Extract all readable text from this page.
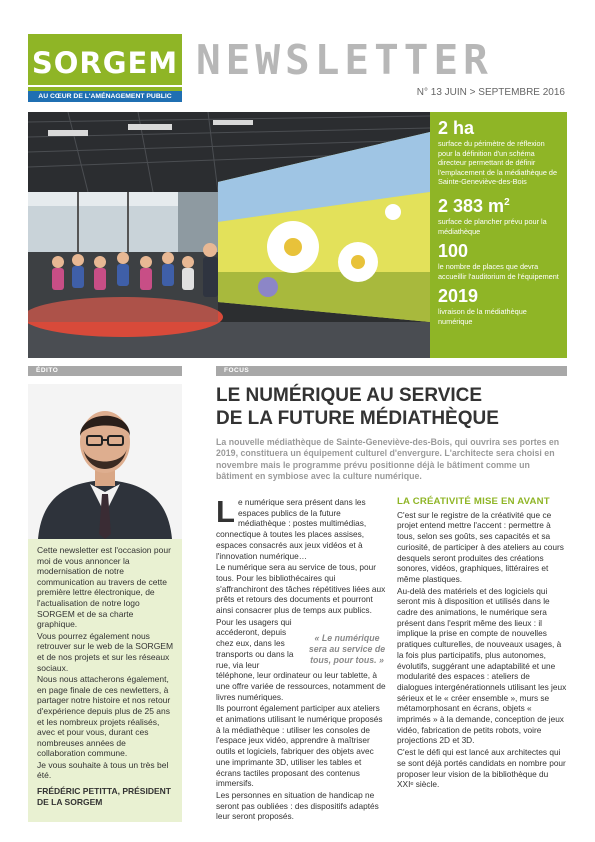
SORGEM
AU CŒUR DE L'AMÉNAGEMENT PUBLIC
NEWSLETTER
N° 13 JUIN > SEPTEMBRE 2016
2 ha
surface du périmètre de réflexion pour la définition d'un schéma directeur permettant de définir l'emplacement de la médiathèque de Sainte-Geneviève-des-Bois
2 383 $m^2$
surface de plancher prévu pour la médiathèque
100
le nombre de places que devra accueillir l'auditorium de l'équipement
2019
livraison de la médiathèque numérique
ÉDITO	FOCUS

Cette newsletter est l'occasion pour moi de vous annoncer la modernisation de notre communication au travers de cette première lettre électronique, de l'actualisation de notre logo SORGEM et de sa charte graphique.

Vous pourrez également nous retrouver sur le web de la SORGEM et de nos projets et sur les réseaux sociaux.

Nous nous attacherons également, en page finale de ces newletters, à partager notre histoire et nos retour d'expérience depuis plus de 25 ans et les nombreux projets réalisés, avec et pour vous, durant ces nombreuses années de collaboration commune.

Je vous souhaite à tous un très bel été.

FRÉDÉRIC PETITTA, PRÉSIDENT DE LA SORGEM

LE NUMÉRIQUE AU SERVICE
DE LA FUTURE MÉDIATHÈQUE
La nouvelle médiathèque de Sainte-Geneviève-des-Bois, qui ouvrira ses portes en 2019, constituera un équipement culturel d'envergure. L'architecte sera choisi en novembre mais le programme prévu positionne déjà le bâtiment comme un bâtiment en symbiose avec la culture numérique.

Le numérique sera présent dans les espaces publics de la future médiathèque : postes multimédias, connectique à toutes les places assises, espaces consacrés aux jeux vidéos et à l'innovation numérique…

Le numérique sera au service de tous, pour tous. Pour les bibliothécaires qui s'affranchiront des tâches répétitives liées aux prêts et retours des documents et pourront ainsi consacrer plus de temps aux publics.

« Le numérique sera au service de tous, pour tous. »

Pour les usagers qui accéderont, depuis chez eux, dans les transports ou dans la rue, via leur téléphone, leur ordinateur ou leur tablette, à une offre variée de ressources, notamment de livres numériques.

Ils pourront également participer aux ateliers et animations utilisant le numérique proposés à la médiathèque : utiliser les consoles de l'espace jeux vidéo, apprendre à maîtriser outils et logiciels, fabriquer des objets avec une imprimante 3D, utiliser les tables et écrans tactiles proposant des contenus immersifs.

Les personnes en situation de handicap ne seront pas oubliées : des dispositifs adaptés leur seront proposés.

LA CRÉATIVITÉ MISE EN AVANT

C'est sur le registre de la créativité que ce projet entend mettre l'accent : permettre à tous, selon ses goûts, ses capacités et sa curiosité, de participer à des ateliers au cours desquels seront produites des créations sonores, vidéos, graphiques, littéraires et même plastiques.

Au-delà des matériels et des logiciels qui seront mis à disposition et utilisés dans le cadre des animations, le numérique sera présent dans l'esprit même des lieux : il implique la prise en compte de nouvelles pratiques culturelles, de nouveaux usages, à la fois plus participatifs, plus autonomes, évolutifs, suggérant une adaptabilité et une modularité des espaces : ateliers de dialogues intergénérationnels utilisant les jeux sérieux et le « créer ensemble », murs se métamorphosant en écrans, objets « imprimés » à la demande, conception de jeux vidéo, fabrication de petits robots, voire projections 2D et 3D.

C'est le défi qui est lancé aux architectes qui se sont déjà portés candidats en nombre pour proposer leur vision de la bibliothèque du XXIᵉ siècle.
